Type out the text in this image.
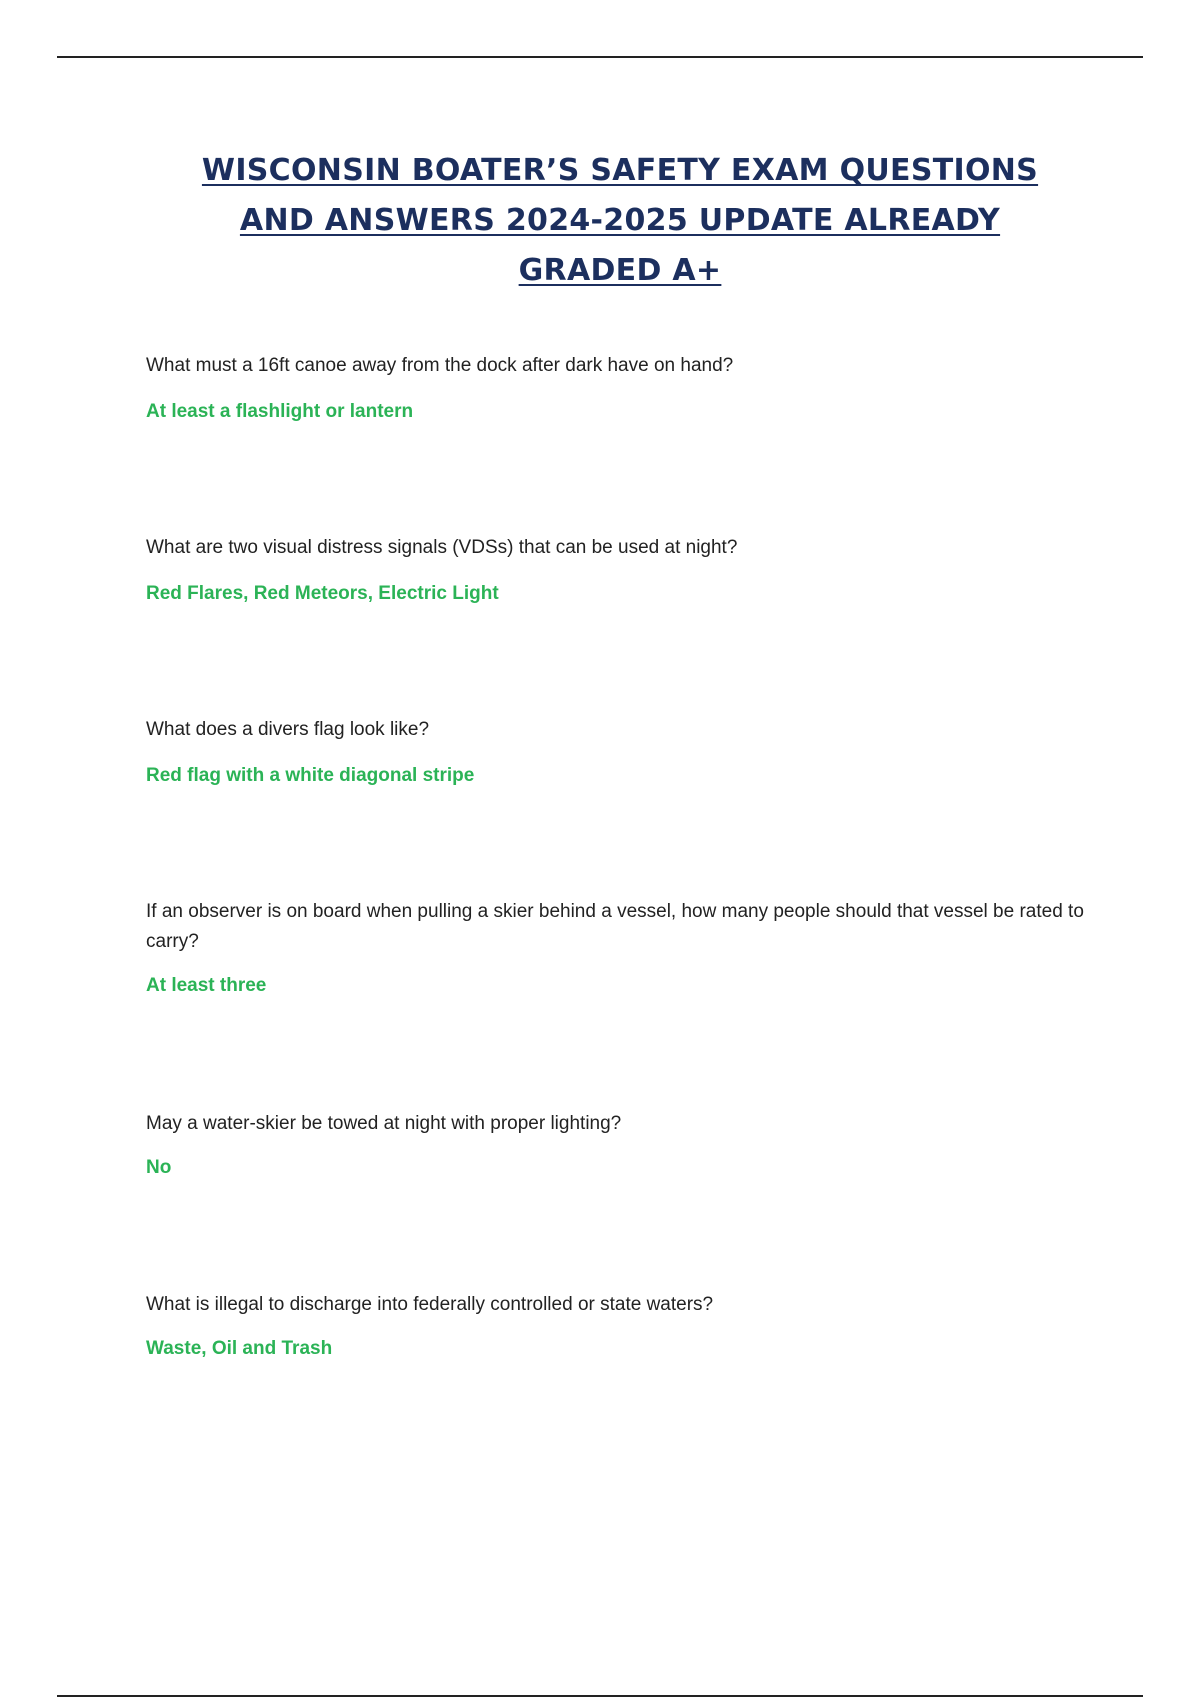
WISCONSIN BOATER’S SAFETY EXAM QUESTIONS
AND ANSWERS 2024-2025 UPDATE ALREADY
GRADED A+

What must a 16ft canoe away from the dock after dark have on hand?

At least a flashlight or lantern

What are two visual distress signals (VDSs) that can be used at night?

Red Flares, Red Meteors, Electric Light

What does a divers flag look like?

Red flag with a white diagonal stripe

If an observer is on board when pulling a skier behind a vessel, how many people should that vessel be rated to carry?

At least three

May a water-skier be towed at night with proper lighting?

No

What is illegal to discharge into federally controlled or state waters?

Waste, Oil and Trash
